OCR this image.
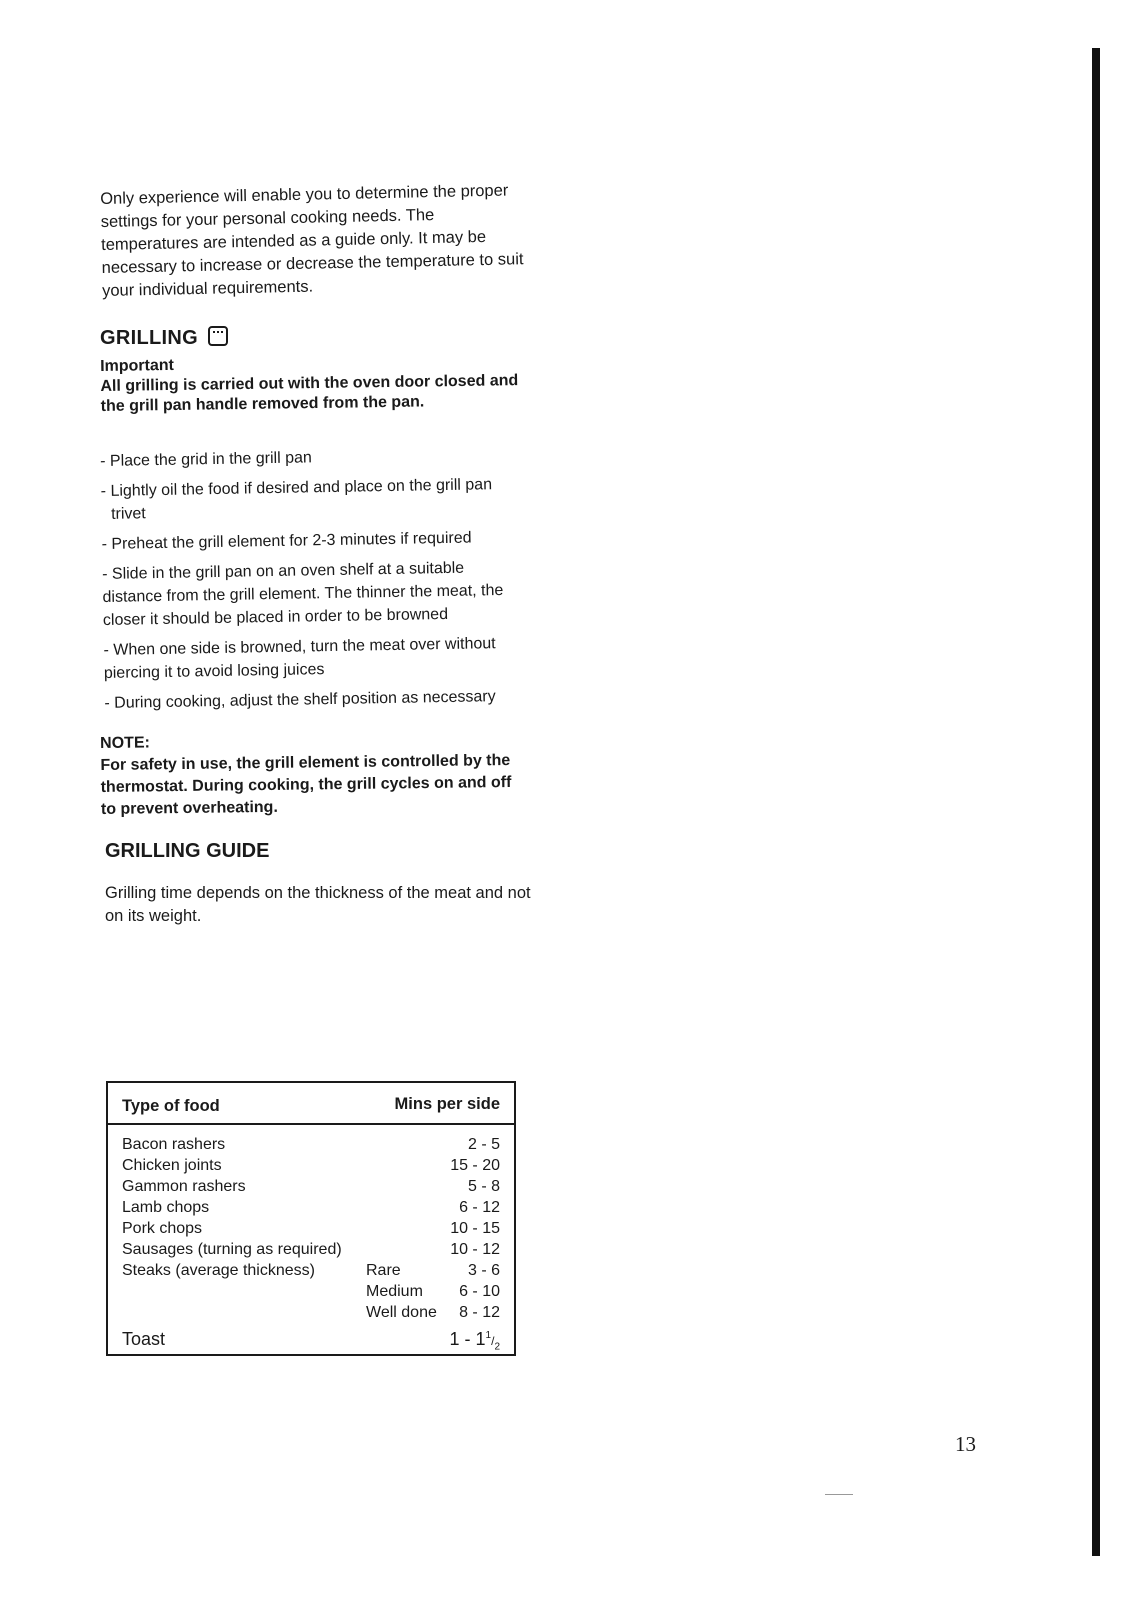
Only experience will enable you to determine the proper settings for your personal cooking needs. The temperatures are intended as a guide only. It may be necessary to increase or decrease the temperature to suit your individual requirements.
GRILLING
Important
All grilling is carried out with the oven door closed and the grill pan handle removed from the pan.

- Place the grid in the grill pan

- Lightly oil the food if desired and place on the grill pan trivet

- Preheat the grill element for 2-3 minutes if required

- Slide in the grill pan on an oven shelf at a suitable distance from the grill element. The thinner the meat, the closer it should be placed in order to be browned

- When one side is browned, turn the meat over without piercing it to avoid losing juices

- During cooking, adjust the shelf position as necessary

NOTE:
For safety in use, the grill element is controlled by the thermostat. During cooking, the grill cycles on and off to prevent overheating.
GRILLING GUIDE
Grilling time depends on the thickness of the meat and not on its weight.
Type of food	Mins per side
Bacon rashers	2 - 5
Chicken joints	15 - 20
Gammon rashers	5 - 8
Lamb chops	6 - 12
Pork chops	10 - 15
Sausages (turning as required)	10 - 12
Steaks (average thickness)	Rare	3 - 6
Medium 6 - 10
Well done 8 - 12
Toast	$1 - 1^1/_2$
13
